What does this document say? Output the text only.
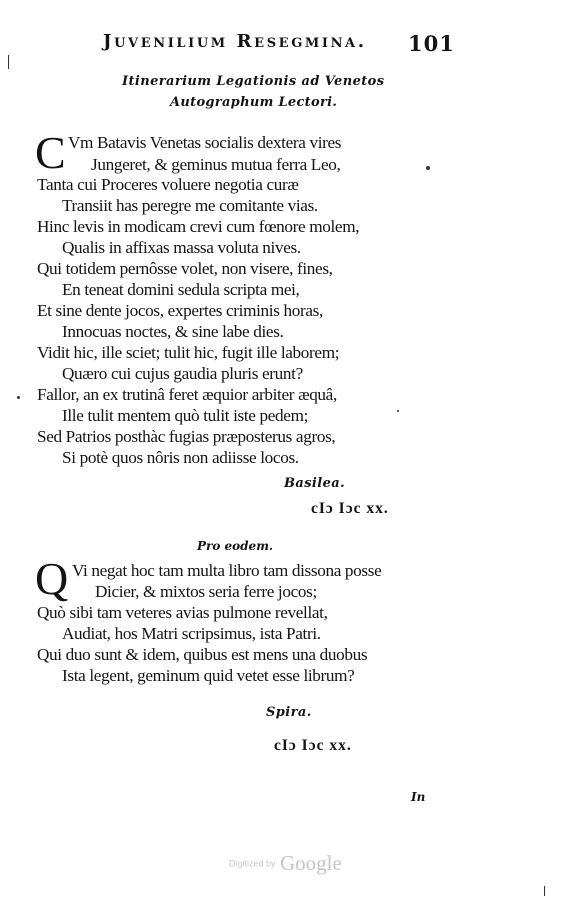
Juvenilium Resegmina. 101
Itinerarium Legationis ad Venetos
Autographum Lectori.
C Vm Batavis Venetas socialis dextera vires
Jungeret, & geminus mutua ferra Leo,
Tanta cui Proceres voluere negotia curæ
Transiit has peregre me comitante vias.
Hinc levis in modicam crevi cum fœnore molem,
Qualis in affixas massa voluta nives.
Qui totidem pernôsse volet, non visere, fines,
En teneat domini sedula scripta mei,
Et sine dente jocos, expertes criminis horas,
Innocuas noctes, & sine labe dies.
Vidit hic, ille sciet; tulit hic, fugit ille laborem;
Quæro cui cujus gaudia pluris erunt?
Fallor, an ex trutinâ feret æquior arbiter æquâ,
Ille tulit mentem quò tulit iste pedem;
Sed Patrios posthàc fugias præposterus agros,
Si potè quos nôris non adiisse locos.
Basilea.
cIɔ Iɔc xx.
Pro eodem.
Q Vi negat hoc tam multa libro tam dissona posse
Dicier, & mixtos seria ferre jocos;
Quò sibi tam veteres avias pulmone revellat,
Audiat, hos Matri scripsimus, ista Patri.
Qui duo sunt & idem, quibus est mens una duobus
Ista legent, geminum quid vetet esse librum?
Spira.
cIɔ Iɔc xx.
In
Digitized by Google
